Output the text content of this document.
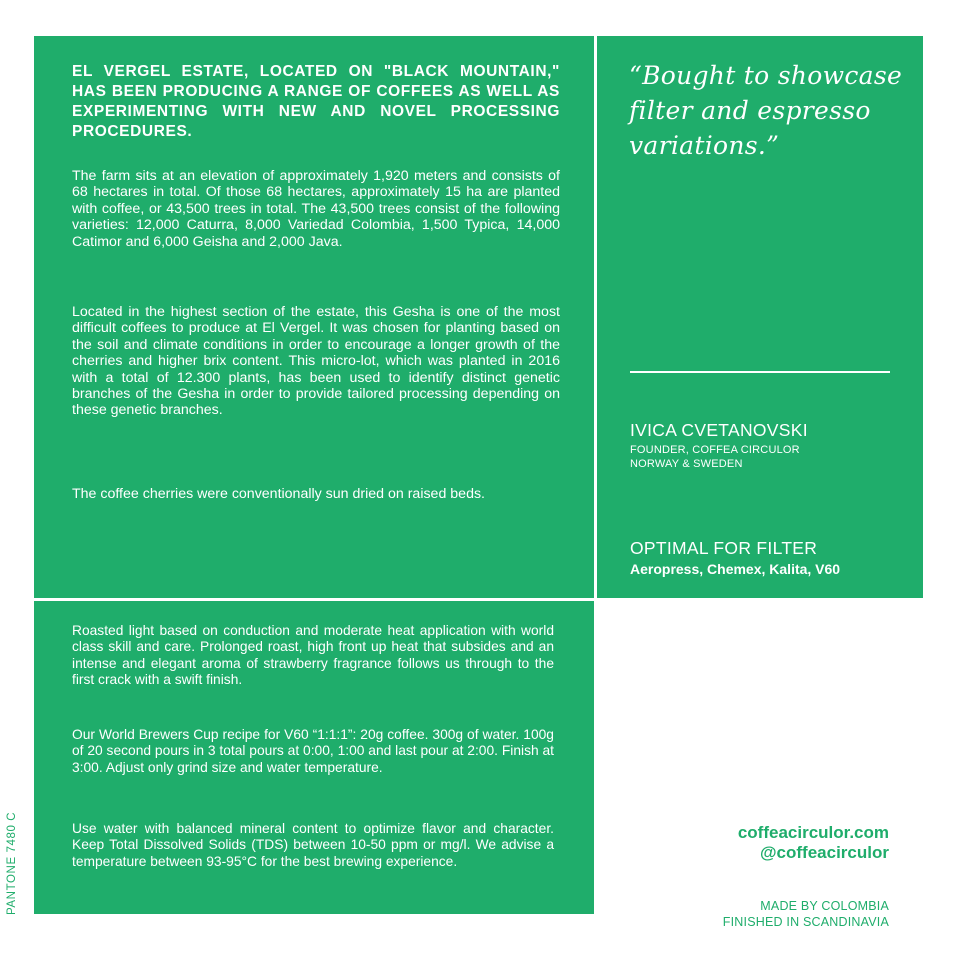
EL VERGEL ESTATE, LOCATED ON "BLACK MOUNTAIN," HAS BEEN PRODUCING A RANGE OF COFFEES AS WELL AS EXPERIMENTING WITH NEW AND NOVEL PROCESSING PROCEDURES.

The farm sits at an elevation of approximately 1,920 meters and consists of 68 hectares in total. Of those 68 hectares, approximately 15 ha are planted with coffee, or 43,500 trees in total. The 43,500 trees consist of the following varieties: 12,000 Caturra, 8,000 Variedad Colombia, 1,500 Typica, 14,000 Catimor and 6,000 Geisha and 2,000 Java.

Located in the highest section of the estate, this Gesha is one of the most difficult coffees to produce at El Vergel. It was chosen for planting based on the soil and climate conditions in order to encourage a longer growth of the cherries and higher brix content. This micro-lot, which was planted in 2016 with a total of 12.300 plants, has been used to identify distinct genetic branches of the Gesha in order to provide tailored processing depending on these genetic branches.

The coffee cherries were conventionally sun dried on raised beds.

“Bought to showcase filter and espresso variations.”

IVICA CVETANOVSKI

FOUNDER, COFFEA CIRCULOR
NORWAY & SWEDEN

OPTIMAL FOR FILTER

Aeropress, Chemex, Kalita, V60

Roasted light based on conduction and moderate heat application with world class skill and care. Prolonged roast, high front up heat that subsides and an intense and elegant aroma of strawberry fragrance follows us through to the first crack with a swift finish.

Our World Brewers Cup recipe for V60 “1:1:1”: 20g coffee. 300g of water. 100g of 20 second pours in 3 total pours at 0:00, 1:00 and last pour at 2:00. Finish at 3:00. Adjust only grind size and water temperature.

Use water with balanced mineral content to optimize flavor and character. Keep Total Dissolved Solids (TDS) between 10-50 ppm or mg/l. We advise a temperature between 93-95°C for the best brewing experience.

coffeacirculor.com
@coffeacirculor

MADE BY COLOMBIA
FINISHED IN SCANDINAVIA

PANTONE 7480 C
